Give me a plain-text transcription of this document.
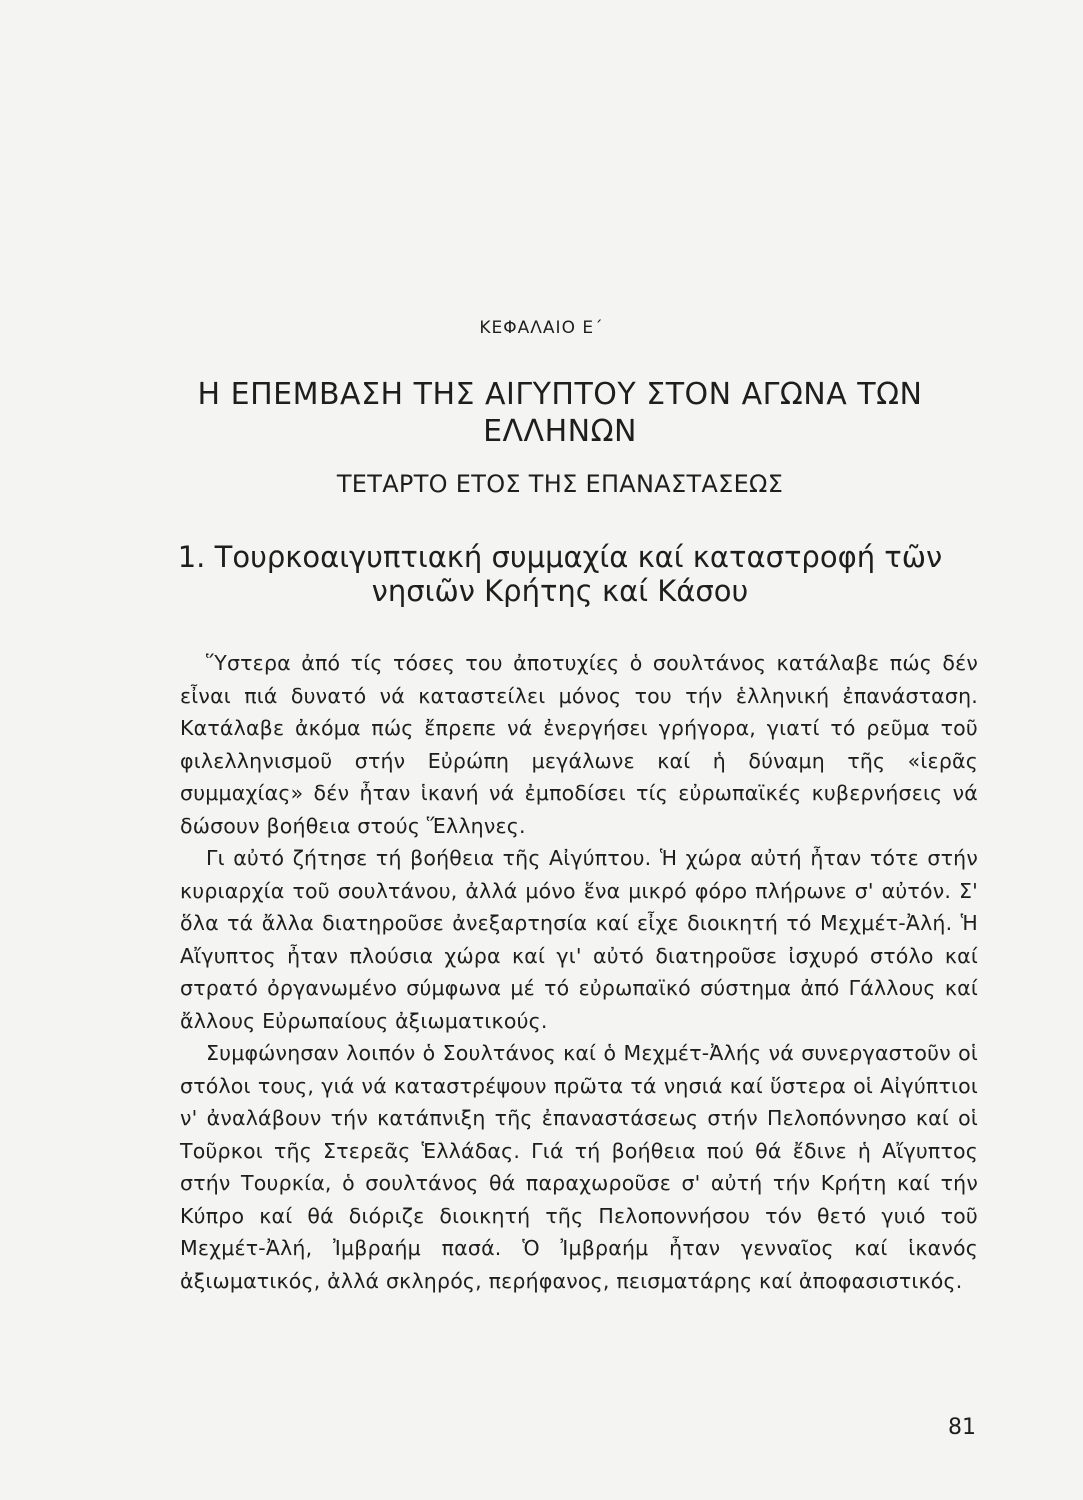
ΚΕΦΑΛΑΙΟ Ε΄
Η ΕΠΕΜΒΑΣΗ ΤΗΣ ΑΙΓΥΠΤΟΥ ΣΤΟΝ ΑΓΩΝΑ ΤΩΝ ΕΛΛΗΝΩΝ
ΤΕΤΑΡΤΟ ΕΤΟΣ ΤΗΣ ΕΠΑΝΑΣΤΑΣΕΩΣ
1. Τουρκοαιγυπτιακή συμμαχία καί καταστροφή τῶν νησιῶν Κρήτης καί Κάσου

Ὕστερα ἀπό τίς τόσες του ἀποτυχίες ὁ σουλτάνος κατάλαβε πώς δέν εἶναι πιά δυνατό νά καταστείλει μόνος του τήν ἑλληνική ἐπανάσταση. Κατάλαβε ἀκόμα πώς ἔπρεπε νά ἐνεργήσει γρήγορα, γιατί τό ρεῦμα τοῦ φιλελληνισμοῦ στήν Εὐρώπη μεγάλωνε καί ἡ δύναμη τῆς «ἱερᾶς συμμαχίας» δέν ἦταν ἱκανή νά ἐμποδίσει τίς εὐρωπαϊκές κυβερνήσεις νά δώσουν βοήθεια στούς Ἕλληνες.

Γι αὐτό ζήτησε τή βοήθεια τῆς Αἰγύπτου. Ἡ χώρα αὐτή ἦταν τότε στήν κυριαρχία τοῦ σουλτάνου, ἀλλά μόνο ἕνα μικρό φόρο πλήρωνε σ' αὐτόν. Σ' ὅλα τά ἄλλα διατηροῦσε ἀνεξαρτησία καί εἶχε διοικητή τό Μεχμέτ-Ἀλή. Ἡ Αἴγυπτος ἦταν πλούσια χώρα καί γι' αὐτό διατηροῦσε ἰσχυρό στόλο καί στρατό ὀργανωμένο σύμφωνα μέ τό εὐρωπαϊκό σύστημα ἀπό Γάλλους καί ἄλλους Εὐρωπαίους ἀξιωματικούς.

Συμφώνησαν λοιπόν ὁ Σουλτάνος καί ὁ Μεχμέτ-Ἀλής νά συνεργαστοῦν οἱ στόλοι τους, γιά νά καταστρέψουν πρῶτα τά νησιά καί ὕστερα οἱ Αἰγύπτιοι ν' ἀναλάβουν τήν κατάπνιξη τῆς ἐπαναστάσεως στήν Πελοπόννησο καί οἱ Τοῦρκοι τῆς Στερεᾶς Ἑλλάδας. Γιά τή βοήθεια πού θά ἔδινε ἡ Αἴγυπτος στήν Τουρκία, ὁ σουλτάνος θά παραχωροῦσε σ' αὐτή τήν Κρήτη καί τήν Κύπρο καί θά διόριζε διοικητή τῆς Πελοποννήσου τόν θετό γυιό τοῦ Μεχμέτ-Ἀλή, Ἰμβραήμ πασά. Ὁ Ἰμβραήμ ἦταν γενναῖος καί ἱκανός ἀξιωματικός, ἀλλά σκληρός, περήφανος, πεισματάρης καί ἀποφασιστικός.

81
